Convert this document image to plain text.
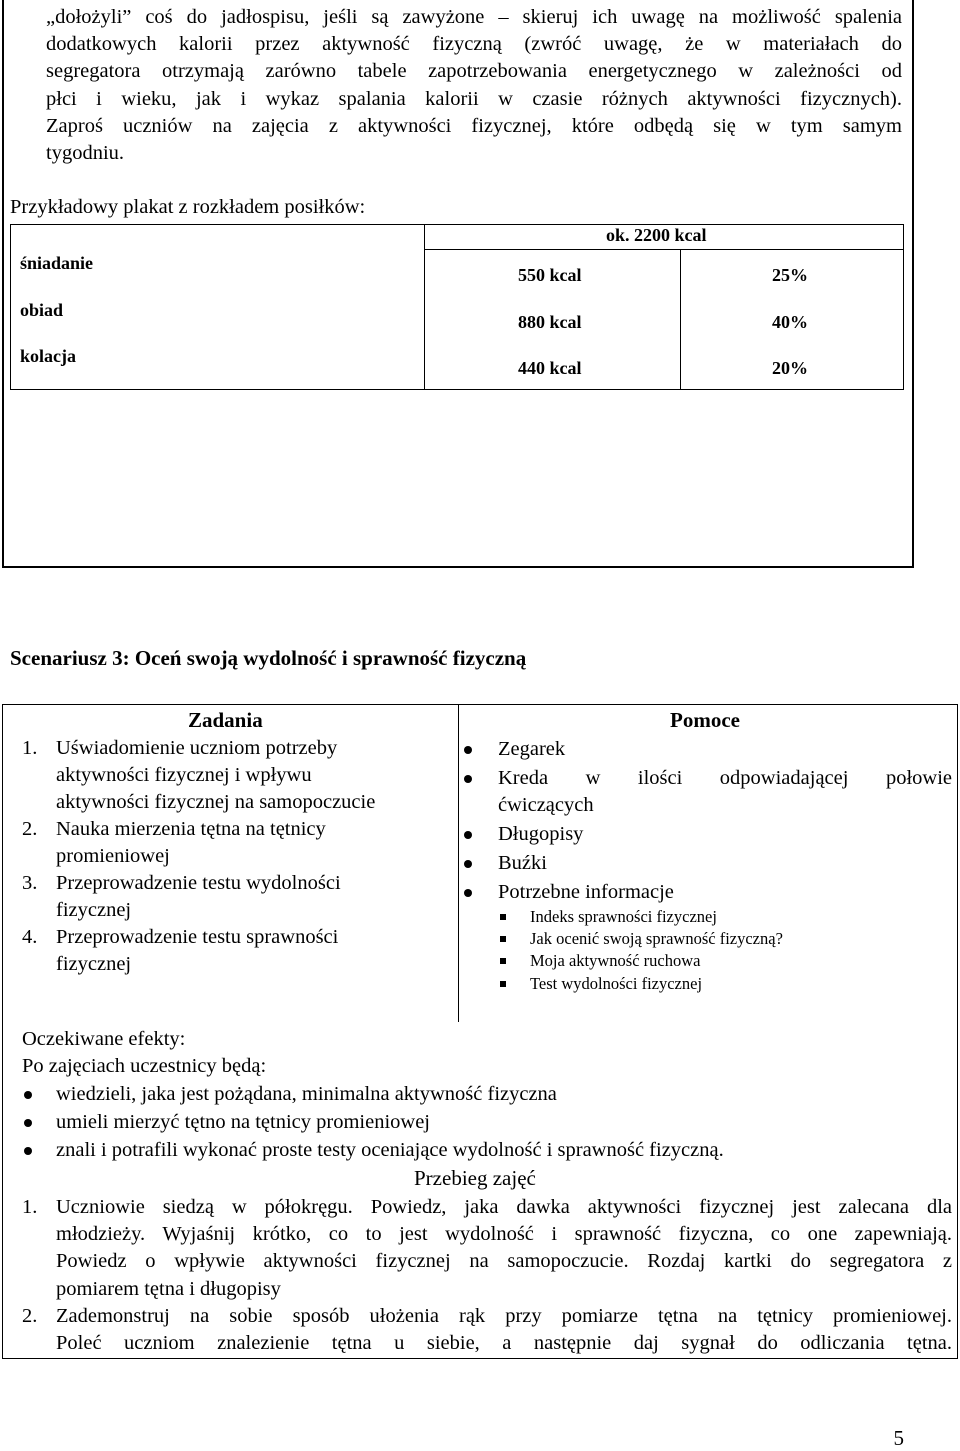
„dołożyli” coś do jadłospisu, jeśli są zawyżone – skieruj ich uwagę na możliwość spalenia
dodatkowych kalorii przez aktywność fizyczną (zwróć uwagę, że w materiałach do
segregatora otrzymają zarówno tabele zapotrzebowania energetycznego w zależności od
płci i wieku, jak i wykaz spalania kalorii w czasie różnych aktywności fizycznych).
Zaproś uczniów na zajęcia z aktywności fizycznej, które odbędą się w tym samym
tygodniu.
Przykładowy plakat z rozkładem posiłków:
ok. 2200 kcal
śniadanie
obiad
kolacja
550 kcal
880 kcal
440 kcal
25%
40%
20%
Scenariusz 3: Oceń swoją wydolność i sprawność fizyczną
Zadania
1. Uświadomienie uczniom potrzeby
aktywności fizycznej i wpływu
aktywności fizycznej na samopoczucie
2. Nauka mierzenia tętna na tętnicy
promieniowej
3. Przeprowadzenie testu wydolności
fizycznej
4. Przeprowadzenie testu sprawności
fizycznej
Pomoce
Zegarek
Kreda w ilości odpowiadającej połowie
ćwiczących
Długopisy
Buźki
Potrzebne informacje
Indeks sprawności fizycznej
Jak ocenić swoją sprawność fizyczną?
Moja aktywność ruchowa
Test wydolności fizycznej
Oczekiwane efekty:
Po zajęciach uczestnicy będą:
wiedzieli, jaka jest pożądana, minimalna aktywność fizyczna
umieli mierzyć tętno na tętnicy promieniowej
znali i potrafili wykonać proste testy oceniające wydolność i sprawność fizyczną.
Przebieg zajęć
1. Uczniowie siedzą w półokręgu. Powiedz, jaka dawka aktywności fizycznej jest zalecana dla
młodzieży. Wyjaśnij krótko, co to jest wydolność i sprawność fizyczna, co one zapewniają.
Powiedz o wpływie aktywności fizycznej na samopoczucie. Rozdaj kartki do segregatora z
pomiarem tętna i długopisy
2. Zademonstruj na sobie sposób ułożenia rąk przy pomiarze tętna na tętnicy promieniowej.
Poleć uczniom znalezienie tętna u siebie, a następnie daj sygnał do odliczania tętna.
5
